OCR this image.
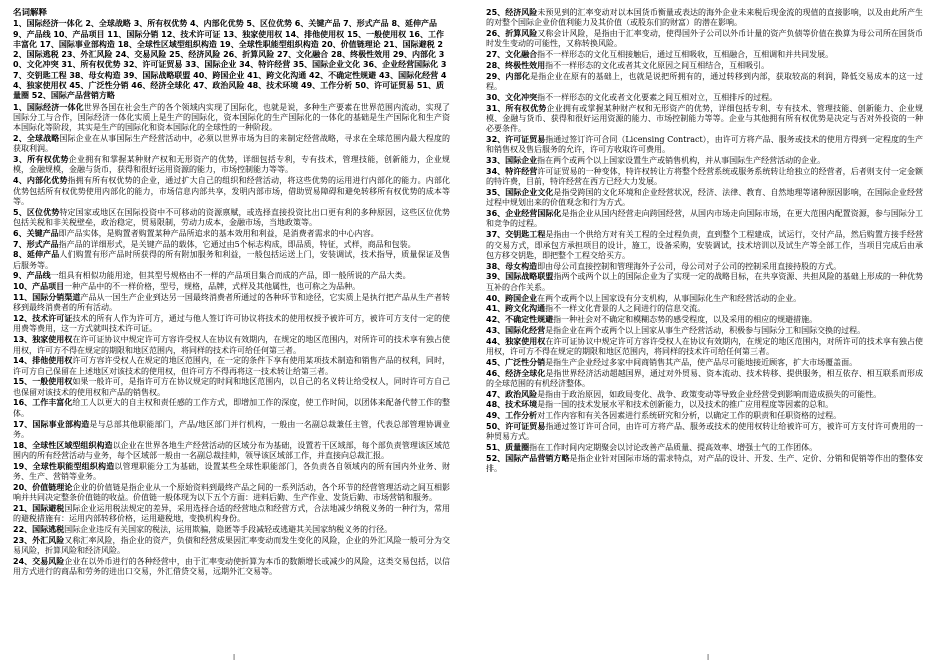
名词解释
1、国际经济一体化 2、全球战略 3、所有权优势 4、内部化优势 5、区位优势 6、关键产品 7、形式产品 8、延伸产品 9、产品线 10、产品项目 11、国际分销 12、技术许可证 13、独家使用权 14、排他使用权 15、一般使用权 16、工作丰富化 17、国际事业部构造 18、全球性区域型组织构造 19、全球性职能型组织构造 20、价值链理论 21、国际避税 22、国际逃税 23、外汇风险 24、交易风险 25、经济风险 26、折算风险 27、文化融合 28、终极性效用 29、内部化 30、文化冲突 31、所有权优势 32、许可证贸易 33、国际企业 34、特许经营 35、国际企业文化 36、企业经营国际化 37、交钥匙工程 38、母女构造 39、国际战略联盟 40、跨国企业 41、跨文化沟通 42、不确定性规避 43、国际化经营 44、独家使用权 45、广泛性分销 46、经济全球化 47、政治风险 48、技术环境 49、工作分析 50、许可证贸易 51、质量圈 52、国际产品营销方略
1、国际经济一体化世界各国在社会生产的各个领域内实现了国际化，也就是说，多种生产要素在世界范围内流动，实现了国际分工与合作，国际经济一体化实质上是生产的国际化，资本国际化的生产国际化的一体化的基础是生产国际化和生产资本国际化等阶段，其实是生产的国际化和资本国际化的全球性的一种阶段。
2、全球战略国际企业在从事国际生产经营活动中，必须以世界市场为目的来制定经营战略，寻求在全球范围内最大程度的获取利润。
3、所有权优势企业拥有和掌握某种财产权和无形资产的优势，详细包括专利，专有技术，管理技能，创新能力，企业规模，金融规模，金融与货币，获得和很好运用资源的能力，市场控制能力等等。
4、内部化优势指拥有所有权优势的企业，通过扩大自己的组织和经营活动，将这些优势的运用进行内部化的能力。内部化优势包括所有权优势使用内部化的能力，市场信息内部共享，发明内部市场，借助贸易障碍和避免转移所有权优势的成本等等。
5、区位优势特定国家或地区在国际投资中不可移动的资源禀赋，或选择直接投资比出口更有利的多种原因，这些区位优势包括关税和非关税壁垒，政治稳定，贸易限制，劳动力成本，金融市场，当地政策等。
6、关键产品即产品实体，是购置者购置某种产品所追求的基本效用和利益，是消费者需求的中心内容。
7、形式产品指产品的详细形式，是关键产品的载体，它通过由5个标志构成，即品质，特征，式样，商品和包装。
8、延伸产品人们购置有形产品时所获得的所有附加服务和利益，一般包括运送上门，安装调试，技术指导，质量保证及售后服务等。
9、产品线一组具有相似功能用途，但其型号规格由不一样的产品项目集合而成的产品，即一般所说的产品大类。
10、产品项目一种产品中的不一样价格，型号，规格，品牌，式样及其他属性，也可称之为品种。
11、国际分销渠道产品从一国生产企业到达另一国最终消费者所通过的各种环节和途径，它实质上是执行把产品从生产者转移到最终消费者的所有活动。
12、技术许可证技术的所有人作为许可方，通过与他人签订许可协议将技术的使用权授予被许可方，被许可方支付一定的使用费等费用，这一方式就叫技术许可证。
13、独家使用权在许可证协议中规定许可方容许受权人在协议有效期内，在规定的地区范围内，对所许可的技术享有独占使用权，许可方不得在规定的期限和地区范围内，将同样的技术许可给任何第三者。
14、排他使用权许可方容许受权人在规定的地区范围内，在一定的条件下享有使用某项技术制造和销售产品的权利，同时，许可方自己保留在上述地区对该技术的使用权，但许可方不得再将这一技术转让给第三者。
15、一般使用权如果一般许可，是指许可方在协议规定的时间和地区范围内，以自己的名义转让给受权人，同时许可方自己也保留对该技术的使用权和产品的销售权。
16、工作丰富化给工人以更大的自主权和责任感的工作方式，即增加工作的深度，使工作时间，以团体来配备代替工作的整体。
17、国际事业部构造是与总部其他职能部门，产品/地区部门并行机构，一般由一名副总裁兼任主管，代表总部管理协调业务。
18、全球性区域型组织构造以企业在世界各地生产经营活动的区域分布为基础，设置若干区域部，每个部负责管理该区域范围内的所有经营活动与业务，每个区域部一般由一名副总裁挂帅，领导该区域部工作，并直接向总裁汇报。
19、全球性职能型组织构造以管理职能分工为基础，设置某些全球性职能部门，各负责各自领域内的所有国内外业务、财务、生产、营销等业务。
20、价值链理论企业的价值链是指企业从一个原始资料到最终产品之间的一系列活动，各个环节的经营管理活动之间互相影响并共同决定整条价值链的收益。价值链一般体现为以下五个方面：进料后勤、生产作业、发货后勤、市场营销和服务。
21、国际避税国际企业运用税法规定的差异，采用选择合适的经营地点和经营方式，合法地减少纳税义务的一种行为，常用的避税措施有：运用内部转移价格，运用避税地，变换机构身份。
22、国际逃税国际企业违反有关国家的税法，运用欺骗，隐匿等手段减轻或逃避其关国家纳税义务的行径。
23、外汇风险又称汇率风险，指企业的资产，负债和经营成果因汇率变动而发生变化的风险，企业的外汇风险一般可分为交易风险，折算风险和经济风险。
24、交易风险企业在以外币进行的各种经营中，由于汇率变动使折算为本币的数额增长或减少的风险，这类交易包括，以信用方式进行的商品和劳务的进出口交易，外汇借贷交易，远期外汇交易等。
25、经济风险未预见到的汇率变动对以本国货币衡量或表达的海外企业未来税后现金流的现值的直接影响，以及由此所产生的对整个国际企业价值利能力及其价值（或股东们的财富）的潜在影响。
26、折算风险又称会计风险，是指由于汇率变动，使得国外子公司以外币计量的资产负债等价值在换算为母公司所在国货币时发生变动的可能性，又称转换风险。
27、文化融合指不一样形态的文化互相接触后，通过互相吸收，互相融合，互相调和并共同发展。
28、终极性效用指不一样形态的文化或者其文化原因之间互相结合，互相吸引。
29、内部化是指企业在原有的基础上，也就是说把所拥有的，通过转移到内部，获取较高的利润，降低交易成本的这一过程。
30、文化冲突指不一样形态的文化或者文化要素之间互相对立，互相排斥的过程。
31、所有权优势企业拥有或掌握某种财产权和无形资产的优势，详细包括专利、专有技术、管理技能、创新能力、企业规模、金融与货币、获得和很好运用资源的能力、市场控制能力等等。企业与其他拥有所有权优势是决定与否对外投资的一种必要条件。
32、许可证贸易指通过签订许可合同（Licensing Contract），由许可方将产品、服务或技术的使用方得到一定程度的生产和销售权及售后服务的允许，许可方收取许可费用。
33、国际企业指在两个或两个以上国家设置生产或销售机构，并从事国际生产经营活动的企业。
34、特许经营许可证贸易的一种变体，特许权转让方将整个经营系统或服务系统转让给独立的经营者，后者则支付一定金额的特许费，目前，特许经营在西方已经大力发展。
35、国际企业文化是指受跨国的文化环境和企业经营状况，经济、法律、教育、自然地理等诸种原因影响，在国际企业经营过程中规划出来的价值观念和行为方式。
36、企业经营国际化是指企业从国内经营走向跨国经营，从国内市场走向国际市场，在更大范围内配置资源，参与国际分工和竞争的过程。
37、交钥匙工程是指由一个供给方对有关工程的全过程负责，直到整个工程建成，试运行，交付产品，然后购置方接手经营的交易方式，即承包方承担项目的设计，施工，设备采购，安装调试，技术培训以及试生产等全部工作，当项目完成后由承包方移交钥匙，即把整个工程交给买方。
38、母女构造即由母公司直接控制和管理海外子公司，母公司对子公司的控制采用直接持股的方式。
39、国际战略联盟指两个或两个以上的国际企业为了实现一定的战略目标，在共享资源、共担风险的基础上形成的一种优势互补的合作关系。
40、跨国企业在两个或两个以上国家设有分支机构，从事国际化生产和经营活动的企业。
41、跨文化沟通指不一样文化背景的人之间进行的信息交流。
42、不确定性规避指一种社会对不确定和模糊态势的感受程度，以及采用的相应的规避措施。
43、国际化经营是指企业在两个或两个以上国家从事生产经营活动，积极参与国际分工和国际交换的过程。
44、独家使用权在许可证协议中规定许可方容许受权人在协议有效期内，在规定的地区范围内，对所许可的技术享有独占使用权，许可方不得在规定的期限和地区范围内，将同样的技术许可给任何第三者。
45、广泛性分销是指生产企业经过多家中间商销售其产品，使产品尽可能地接近顾客，扩大市场覆盖面。
46、经济全球化是指世界经济活动超越国界，通过对外贸易、资本流动、技术转移、提供服务，相互依存、相互联系而形成的全球范围的有机经济整体。
47、政治风险是指由于政治原因，如政局变化、战争、政策变动等导致企业经营受到影响而造成损失的可能性。
48、技术环境是指一国的技术发展水平和技术创新能力，以及技术的推广应用程度等因素的总和。
49、工作分析对工作内容和有关各因素进行系统研究和分析，以确定工作的职责和任职资格的过程。
50、许可证贸易指通过签订许可合同，由许可方将产品、服务或技术的使用权转让给被许可方，被许可方支付许可费用的一种贸易方式。
51、质量圈指在工作时间内定期聚会以讨论改善产品质量、提高效率、增强士气的工作团体。
52、国际产品营销方略是指企业针对国际市场的需求特点，对产品的设计、开发、生产、定价、分销和促销等作出的整体安排。
I	I
